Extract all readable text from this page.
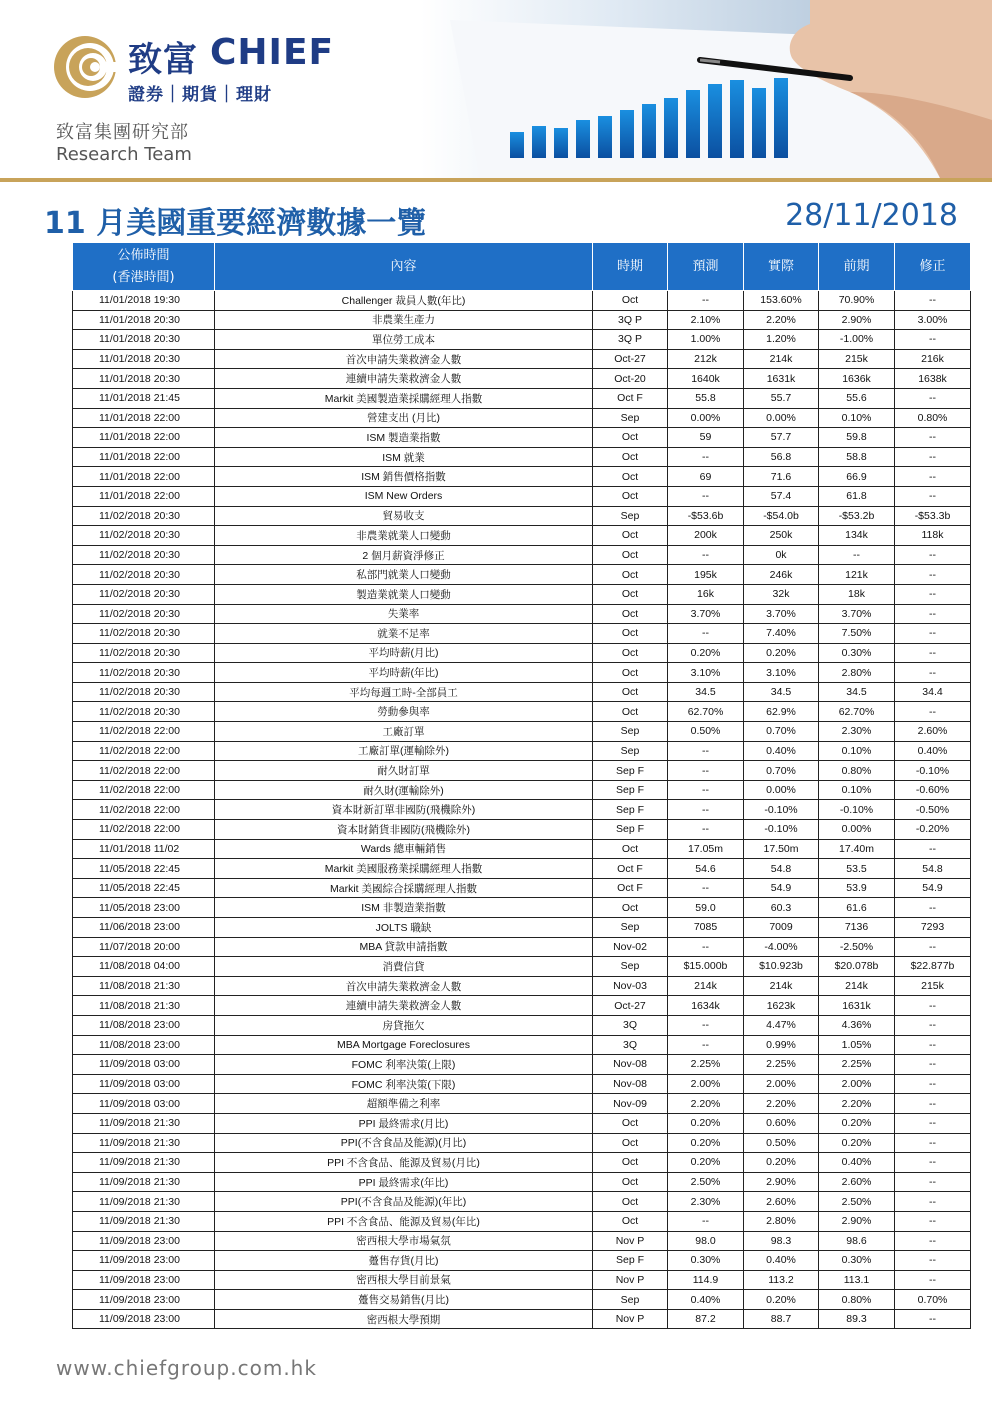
致富 CHIEF
證券｜期貨｜理財
致富集團研究部
Research Team
11 月美國重要經濟數據一覽	28/11/2018
公佈時間
(香港時間)	內容	時期	預測	實際	前期	修正
11/01/2018 19:30	Challenger 裁員人數(年比)	Oct	--	153.60%	70.90%	--
11/01/2018 20:30	非農業生產力	3Q P	2.10%	2.20%	2.90%	3.00%
11/01/2018 20:30	單位勞工成本	3Q P	1.00%	1.20%	-1.00%	--
11/01/2018 20:30	首次申請失業救濟金人數	Oct-27	212k	214k	215k	216k
11/01/2018 20:30	連續申請失業救濟金人數	Oct-20	1640k	1631k	1636k	1638k
11/01/2018 21:45	Markit 美國製造業採購經理人指數	Oct F	55.8	55.7	55.6	--
11/01/2018 22:00	營建支出 (月比)	Sep	0.00%	0.00%	0.10%	0.80%
11/01/2018 22:00	ISM 製造業指數	Oct	59	57.7	59.8	--
11/01/2018 22:00	ISM 就業	Oct	--	56.8	58.8	--
11/01/2018 22:00	ISM 銷售價格指數	Oct	69	71.6	66.9	--
11/01/2018 22:00	ISM New Orders	Oct	--	57.4	61.8	--
11/02/2018 20:30	貿易收支	Sep	-$53.6b	-$54.0b	-$53.2b	-$53.3b
11/02/2018 20:30	非農業就業人口變動	Oct	200k	250k	134k	118k
11/02/2018 20:30	2 個月薪資淨修正	Oct	--	0k	--	--
11/02/2018 20:30	私部門就業人口變動	Oct	195k	246k	121k	--
11/02/2018 20:30	製造業就業人口變動	Oct	16k	32k	18k	--
11/02/2018 20:30	失業率	Oct	3.70%	3.70%	3.70%	--
11/02/2018 20:30	就業不足率	Oct	--	7.40%	7.50%	--
11/02/2018 20:30	平均時薪(月比)	Oct	0.20%	0.20%	0.30%	--
11/02/2018 20:30	平均時薪(年比)	Oct	3.10%	3.10%	2.80%	--
11/02/2018 20:30	平均每週工時-全部員工	Oct	34.5	34.5	34.5	34.4
11/02/2018 20:30	勞動參與率	Oct	62.70%	62.9%	62.70%	--
11/02/2018 22:00	工廠訂單	Sep	0.50%	0.70%	2.30%	2.60%
11/02/2018 22:00	工廠訂單(運輸除外)	Sep	--	0.40%	0.10%	0.40%
11/02/2018 22:00	耐久財訂單	Sep F	--	0.70%	0.80%	-0.10%
11/02/2018 22:00	耐久財(運輸除外)	Sep F	--	0.00%	0.10%	-0.60%
11/02/2018 22:00	資本財新訂單非國防(飛機除外)	Sep F	--	-0.10%	-0.10%	-0.50%
11/02/2018 22:00	資本財銷貨非國防(飛機除外)	Sep F	--	-0.10%	0.00%	-0.20%
11/01/2018 11/02	Wards 總車輛銷售	Oct	17.05m	17.50m	17.40m	--
11/05/2018 22:45	Markit 美國服務業採購經理人指數	Oct F	54.6	54.8	53.5	54.8
11/05/2018 22:45	Markit 美國綜合採購經理人指數	Oct F	--	54.9	53.9	54.9
11/05/2018 23:00	ISM 非製造業指數	Oct	59.0	60.3	61.6	--
11/06/2018 23:00	JOLTS 職缺	Sep	7085	7009	7136	7293
11/07/2018 20:00	MBA 貸款申請指數	Nov-02	--	-4.00%	-2.50%	--
11/08/2018 04:00	消費信貸	Sep	$15.000b	$10.923b	$20.078b	$22.877b
11/08/2018 21:30	首次申請失業救濟金人數	Nov-03	214k	214k	214k	215k
11/08/2018 21:30	連續申請失業救濟金人數	Oct-27	1634k	1623k	1631k	--
11/08/2018 23:00	房貸拖欠	3Q	--	4.47%	4.36%	--
11/08/2018 23:00	MBA Mortgage Foreclosures	3Q	--	0.99%	1.05%	--
11/09/2018 03:00	FOMC 利率決策(上限)	Nov-08	2.25%	2.25%	2.25%	--
11/09/2018 03:00	FOMC 利率決策(下限)	Nov-08	2.00%	2.00%	2.00%	--
11/09/2018 03:00	超額準備之利率	Nov-09	2.20%	2.20%	2.20%	--
11/09/2018 21:30	PPI 最終需求(月比)	Oct	0.20%	0.60%	0.20%	--
11/09/2018 21:30	PPI(不含食品及能源)(月比)	Oct	0.20%	0.50%	0.20%	--
11/09/2018 21:30	PPI 不含食品、能源及貿易(月比)	Oct	0.20%	0.20%	0.40%	--
11/09/2018 21:30	PPI 最終需求(年比)	Oct	2.50%	2.90%	2.60%	--
11/09/2018 21:30	PPI(不含食品及能源)(年比)	Oct	2.30%	2.60%	2.50%	--
11/09/2018 21:30	PPI 不含食品、能源及貿易(年比)	Oct	--	2.80%	2.90%	--
11/09/2018 23:00	密西根大學市場氣氛	Nov P	98.0	98.3	98.6	--
11/09/2018 23:00	躉售存貨(月比)	Sep F	0.30%	0.40%	0.30%	--
11/09/2018 23:00	密西根大學目前景氣	Nov P	114.9	113.2	113.1	--
11/09/2018 23:00	躉售交易銷售(月比)	Sep	0.40%	0.20%	0.80%	0.70%
11/09/2018 23:00	密西根大學預期	Nov P	87.2	88.7	89.3	--
www.chiefgroup.com.hk
